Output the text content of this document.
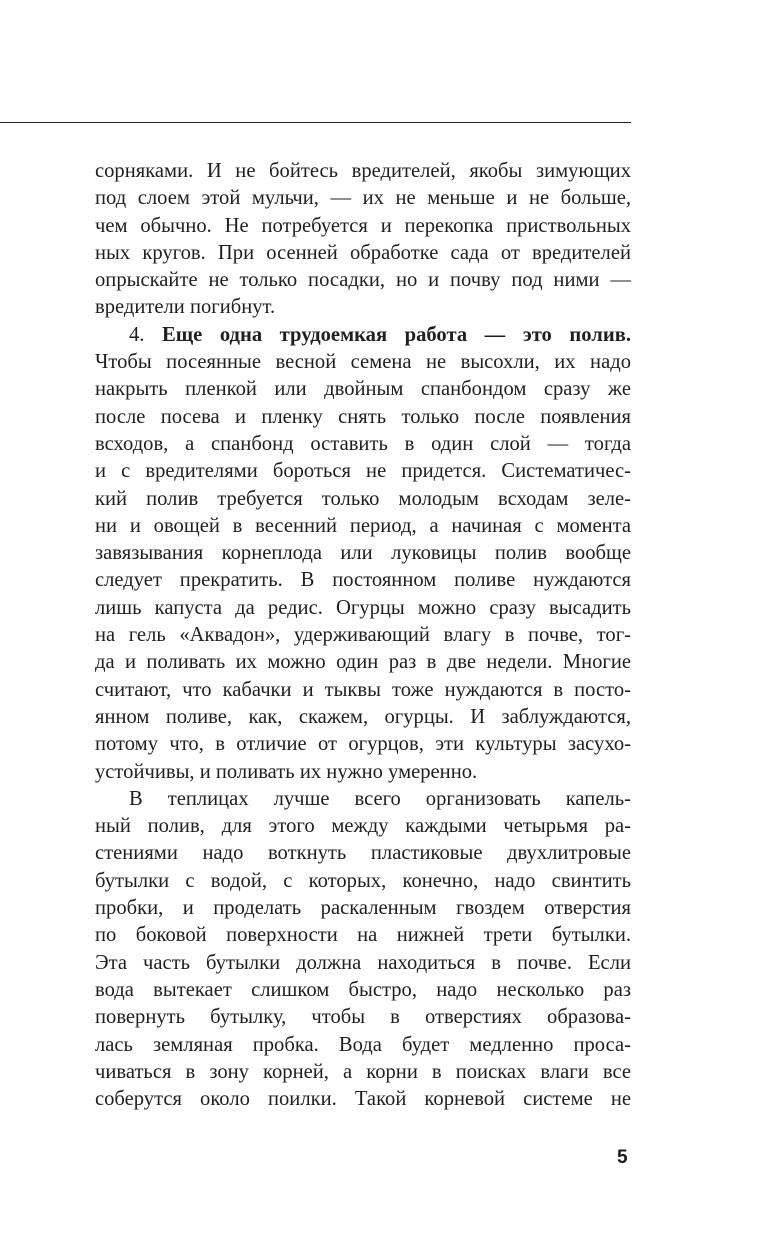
сорняками. И не бойтесь вредителей, якобы зимующих
под слоем этой мульчи, — их не меньше и не больше,
чем обычно. Не потребуется и перекопка приствольных
ных кругов. При осенней обработке сада от вредителей
опрыскайте не только посадки, но и почву под ними —
вредители погибнут.
4. Еще одна трудоемкая работа — это полив.
Чтобы посеянные весной семена не высохли, их надо
накрыть пленкой или двойным спанбондом сразу же
после посева и пленку снять только после появления
всходов, а спанбонд оставить в один слой — тогда
и с вредителями бороться не придется. Систематичес-
кий полив требуется только молодым всходам зеле-
ни и овощей в весенний период, а начиная с момента
завязывания корнеплода или луковицы полив вообще
следует прекратить. В постоянном поливе нуждаются
лишь капуста да редис. Огурцы можно сразу высадить
на гель «Аквадон», удерживающий влагу в почве, тог-
да и поливать их можно один раз в две недели. Многие
считают, что кабачки и тыквы тоже нуждаются в посто-
янном поливе, как, скажем, огурцы. И заблуждаются,
потому что, в отличие от огурцов, эти культуры засухо-
устойчивы, и поливать их нужно умеренно.
В теплицах лучше всего организовать капель-
ный полив, для этого между каждыми четырьмя ра-
стениями надо воткнуть пластиковые двухлитровые
бутылки с водой, с которых, конечно, надо свинтить
пробки, и проделать раскаленным гвоздем отверстия
по боковой поверхности на нижней трети бутылки.
Эта часть бутылки должна находиться в почве. Если
вода вытекает слишком быстро, надо несколько раз
повернуть бутылку, чтобы в отверстиях образова-
лась земляная пробка. Вода будет медленно проса-
чиваться в зону корней, а корни в поисках влаги все
соберутся около поилки. Такой корневой системе не
5
